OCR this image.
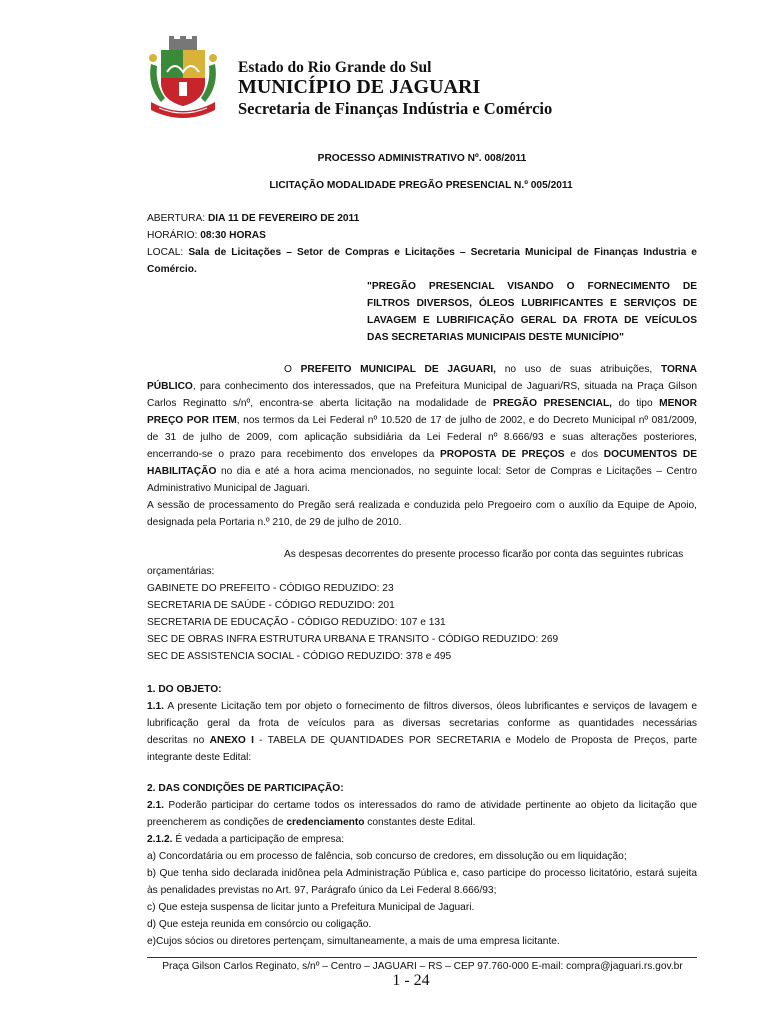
Estado do Rio Grande do Sul
MUNICÍPIO DE JAGUARI
Secretaria de Finanças Indústria e Comércio
PROCESSO ADMINISTRATIVO Nº. 008/2011
LICITAÇÃO MODALIDADE PREGÃO PRESENCIAL N.º 005/2011
ABERTURA: DIA 11 DE FEVEREIRO DE 2011
HORÁRIO: 08:30 HORAS
LOCAL: Sala de Licitações – Setor de Compras e Licitações – Secretaria Municipal de Finanças Industria e
Comércio.
"PREGÃO PRESENCIAL VISANDO O FORNECIMENTO DE
FILTROS DIVERSOS, ÓLEOS LUBRIFICANTES E SERVIÇOS DE
LAVAGEM E LUBRIFICAÇÃO GERAL DA FROTA DE VEÍCULOS
DAS SECRETARIAS MUNICIPAIS DESTE MUNICÍPIO"
O PREFEITO MUNICIPAL DE JAGUARI, no uso de suas atribuições, TORNA
PÚBLICO, para conhecimento dos interessados, que na Prefeitura Municipal de Jaguari/RS, situada na Praça Gilson
Carlos Reginatto s/nº, encontra-se aberta licitação na modalidade de PREGÃO PRESENCIAL, do tipo MENOR
PREÇO POR ITEM, nos termos da Lei Federal nº 10.520 de 17 de julho de 2002, e do Decreto Municipal nº 081/2009,
de 31 de julho de 2009, com aplicação subsidiária da Lei Federal nº 8.666/93 e suas alterações posteriores,
encerrando-se o prazo para recebimento dos envelopes da PROPOSTA DE PREÇOS e dos DOCUMENTOS DE
HABILITAÇÃO no dia e até a hora acima mencionados, no seguinte local: Setor de Compras e Licitações – Centro
Administrativo Municipal de Jaguari.
A sessão de processamento do Pregão será realizada e conduzida pelo Pregoeiro com o auxílio da Equipe de Apoio,
designada pela Portaria n.º 210, de 29 de julho de 2010.
As despesas decorrentes do presente processo ficarão por conta das seguintes rubricas
orçamentárias:
GABINETE DO PREFEITO - CÓDIGO REDUZIDO: 23
SECRETARIA DE SAÚDE - CÓDIGO REDUZIDO: 201
SECRETARIA DE EDUCAÇÃO - CÓDIGO REDUZIDO: 107 e 131
SEC DE OBRAS INFRA ESTRUTURA URBANA E TRANSITO - CÓDIGO REDUZIDO: 269
SEC DE ASSISTENCIA SOCIAL - CÓDIGO REDUZIDO: 378 e 495
1. DO OBJETO:
1.1. A presente Licitação tem por objeto o fornecimento de filtros diversos, óleos lubrificantes e serviços de lavagem e
lubrificação geral da frota de veículos para as diversas secretarias conforme as quantidades necessárias
descritas no ANEXO I - TABELA DE QUANTIDADES POR SECRETARIA e Modelo de Proposta de Preços, parte
integrante deste Edital:
2. DAS CONDIÇÕES DE PARTICIPAÇÃO:
2.1. Poderão participar do certame todos os interessados do ramo de atividade pertinente ao objeto da licitação que
preencherem as condições de credenciamento constantes deste Edital.
2.1.2. É vedada a participação de empresa:
a) Concordatária ou em processo de falência, sob concurso de credores, em dissolução ou em liquidação;
b) Que tenha sido declarada inidônea pela Administração Pública e, caso participe do processo licitatório, estará sujeita
às penalidades previstas no Art. 97, Parágrafo único da Lei Federal 8.666/93;
c) Que esteja suspensa de licitar junto a Prefeitura Municipal de Jaguari.
d) Que esteja reunida em consórcio ou coligação.
e)Cujos sócios ou diretores pertençam, simultaneamente, a mais de uma empresa licitante.
Praça Gilson Carlos Reginato, s/nº – Centro – JAGUARI – RS – CEP 97.760-000 E-mail: compra@jaguari.rs.gov.br
1 - 24
